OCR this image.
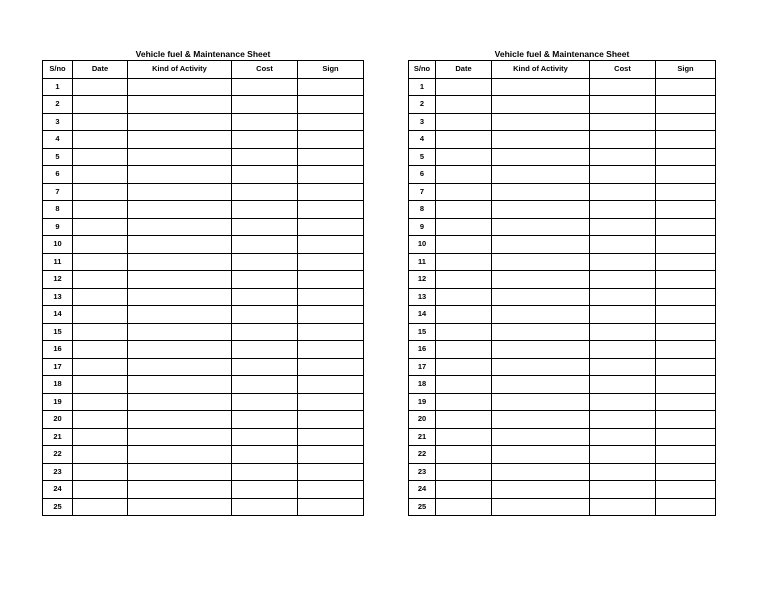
Vehicle fuel & Maintenance Sheet
S/no	Date	Kind of Activity	Cost	Sign
1				
2				
3				
4				
5				
6				
7				
8				
9				
10				
11				
12				
13				
14				
15				
16				
17				
18				
19				
20				
21				
22				
23				
24				
25				
Vehicle fuel & Maintenance Sheet
S/no	Date	Kind of Activity	Cost	Sign
1				
2				
3				
4				
5				
6				
7				
8				
9				
10				
11				
12				
13				
14				
15				
16				
17				
18				
19				
20				
21				
22				
23				
24				
25				
